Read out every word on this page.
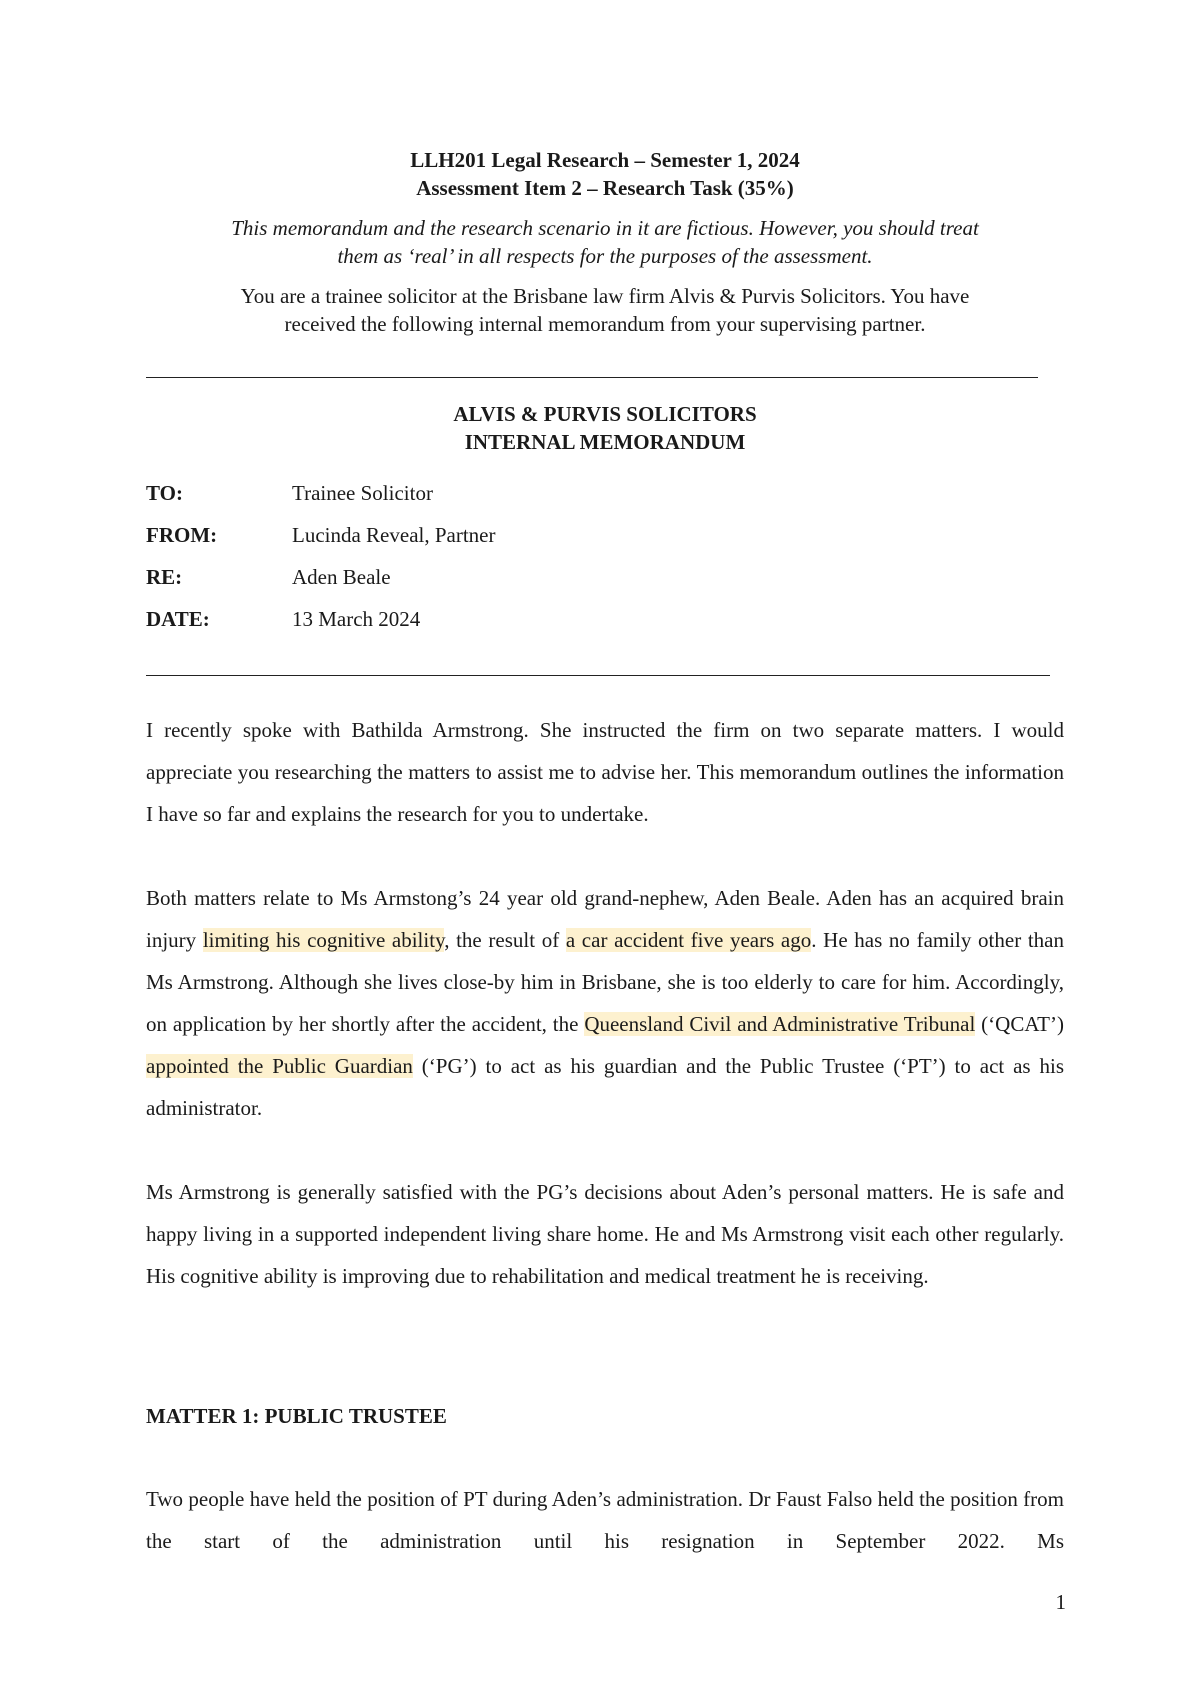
LLH201 Legal Research – Semester 1, 2024
Assessment Item 2 – Research Task (35%)
This memorandum and the research scenario in it are fictious. However, you should treat
them as ‘real’ in all respects for the purposes of the assessment.
You are a trainee solicitor at the Brisbane law firm Alvis & Purvis Solicitors. You have
received the following internal memorandum from your supervising partner.
ALVIS & PURVIS SOLICITORS
INTERNAL MEMORANDUM
TO:	Trainee Solicitor
FROM:	Lucinda Reveal, Partner
RE:	Aden Beale
DATE:	13 March 2024
I recently spoke with Bathilda Armstrong. She instructed the firm on two separate matters. I would appreciate you researching the matters to assist me to advise her. This memorandum outlines the information I have so far and explains the research for you to undertake.
Both matters relate to Ms Armstong’s 24 year old grand-nephew, Aden Beale. Aden has an acquired brain injury limiting his cognitive ability, the result of a car accident five years ago. He has no family other than Ms Armstrong. Although she lives close-by him in Brisbane, she is too elderly to care for him. Accordingly, on application by her shortly after the accident, the Queensland Civil and Administrative Tribunal (‘QCAT’) appointed the Public Guardian (‘PG’) to act as his guardian and the Public Trustee (‘PT’) to act as his administrator.
Ms Armstrong is generally satisfied with the PG’s decisions about Aden’s personal matters. He is safe and happy living in a supported independent living share home. He and Ms Armstrong visit each other regularly. His cognitive ability is improving due to rehabilitation and medical treatment he is receiving.
MATTER 1: PUBLIC TRUSTEE
Two people have held the position of PT during Aden’s administration. Dr Faust Falso held the position from the start of the administration until his resignation in September 2022. Ms
1
